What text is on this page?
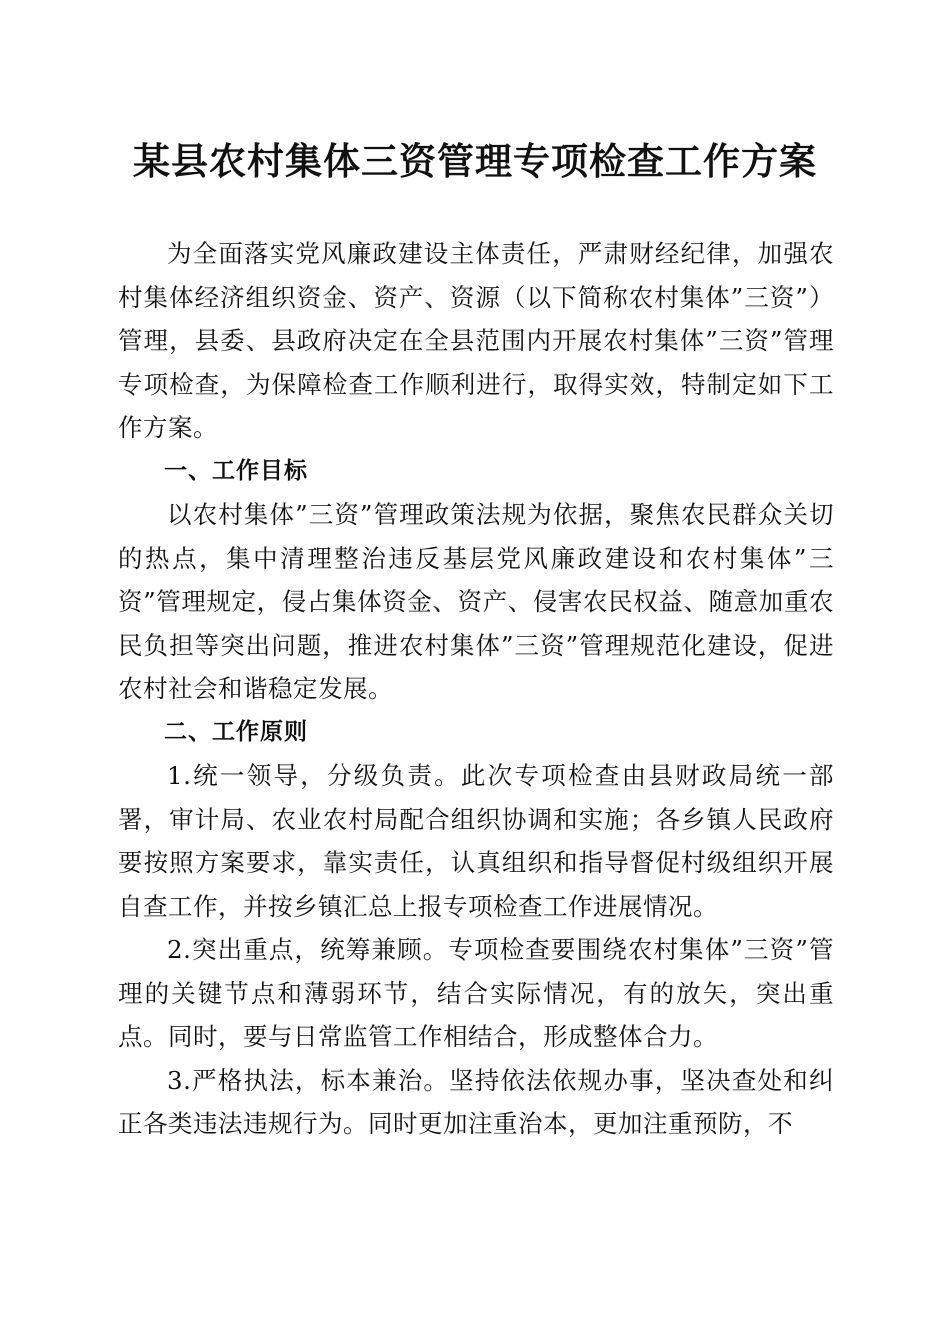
某县农村集体三资管理专项检查工作方案

为全面落实党风廉政建设主体责任，严肃财经纪律，加强农村集体经济组织资金、资产、资源（以下简称农村集体”三资”）管理，县委、县政府决定在全县范围内开展农村集体”三资”管理专项检查，为保障检查工作顺利进行，取得实效，特制定如下工作方案。

一、工作目标

以农村集体”三资”管理政策法规为依据，聚焦农民群众关切的热点，集中清理整治违反基层党风廉政建设和农村集体”三资”管理规定，侵占集体资金、资产、侵害农民权益、随意加重农民负担等突出问题，推进农村集体”三资”管理规范化建设，促进农村社会和谐稳定发展。

二、工作原则

1.统一领导，分级负责。此次专项检查由县财政局统一部署，审计局、农业农村局配合组织协调和实施；各乡镇人民政府要按照方案要求，靠实责任，认真组织和指导督促村级组织开展自查工作，并按乡镇汇总上报专项检查工作进展情况。

2.突出重点，统筹兼顾。专项检查要围绕农村集体”三资”管理的关键节点和薄弱环节，结合实际情况，有的放矢，突出重点。同时，要与日常监管工作相结合，形成整体合力。

3.严格执法，标本兼治。坚持依法依规办事，坚决查处和纠正各类违法违规行为。同时更加注重治本，更加注重预防，不
